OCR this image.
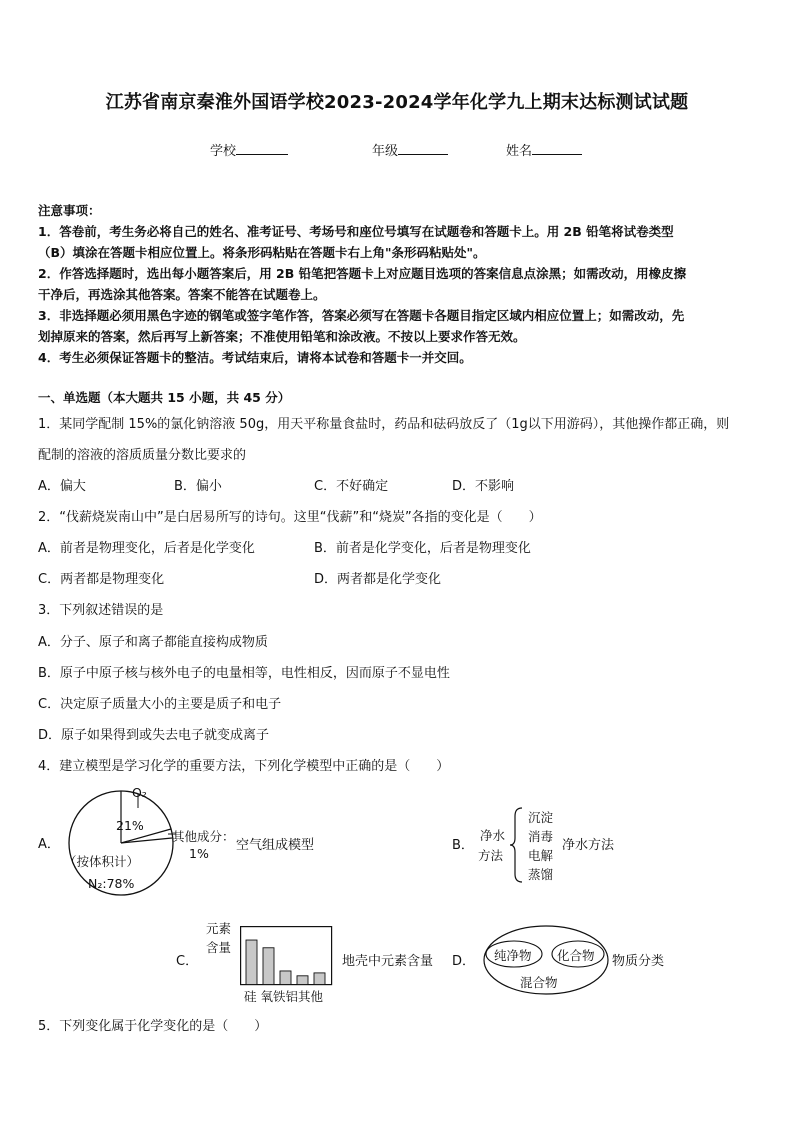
江苏省南京秦淮外国语学校2023-2024学年化学九上期末达标测试试题
学校	年级	姓名
注意事项：
1．答卷前，考生务必将自己的姓名、准考证号、考场号和座位号填写在试题卷和答题卡上。用 2B 铅笔将试卷类型
（B）填涂在答题卡相应位置上。将条形码粘贴在答题卡右上角"条形码粘贴处"。
2．作答选择题时，选出每小题答案后，用 2B 铅笔把答题卡上对应题目选项的答案信息点涂黑；如需改动，用橡皮擦
干净后，再选涂其他答案。答案不能答在试题卷上。
3．非选择题必须用黑色字迹的钢笔或签字笔作答，答案必须写在答题卡各题目指定区域内相应位置上；如需改动，先
划掉原来的答案，然后再写上新答案；不准使用铅笔和涂改液。不按以上要求作答无效。
4．考生必须保证答题卡的整洁。考试结束后，请将本试卷和答题卡一并交回。
一、单选题（本大题共 15 小题，共 45 分）
1．某同学配制 15%的氯化钠溶液 50g，用天平称量食盐时，药品和砝码放反了（1g以下用游码），其他操作都正确，则
配制的溶液的溶质质量分数比要求的
A．偏大	B．偏小	C．不好确定	D．不影响
2．“伐薪烧炭南山中”是白居易所写的诗句。这里“伐薪”和“烧炭”各指的变化是（　　）
A．前者是物理变化，后者是化学变化	B．前者是化学变化，后者是物理变化
C．两者都是物理变化	D．两者都是化学变化
3．下列叙述错误的是
A．分子、原子和离子都能直接构成物质
B．原子中原子核与核外电子的电量相等，电性相反，因而原子不显电性
C．决定原子质量大小的主要是质子和电子
D．原子如果得到或失去电子就变成离子
4．建立模型是学习化学的重要方法，下列化学模型中正确的是（　　）
A．
O₂
21%
其他成分：
1%
（按体积计）
N₂:78%
空气组成模型	B．
净水
方法
沉淀
消毒
电解
蒸馏
净水方法
C．
元素
含量
硅 氧铁铝其他
地壳中元素含量 D． 纯净物 化合物
混合物
物质分类
5．下列变化属于化学变化的是（　　）
